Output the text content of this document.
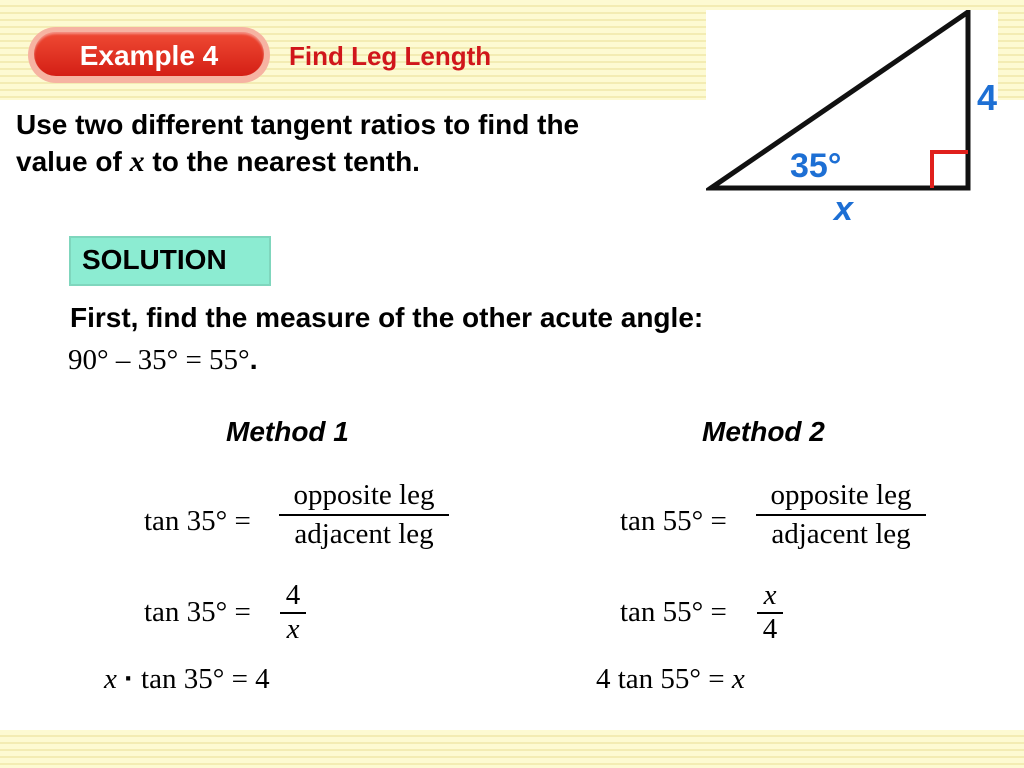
Example 4	Find Leg Length
4
35°
x
Use two different tangent ratios to find the
value of x to the nearest tenth.
SOLUTION
First, find the measure of the other acute angle:
90° – 35° = 55°.
Method 1
tan 35° =
opposite leg
adjacent leg
tan 35° =
4
x
x · tan 35° = 4
Method 2
tan 55° =
opposite leg
adjacent leg
tan 55° =
x
4
4 tan 55° = x
